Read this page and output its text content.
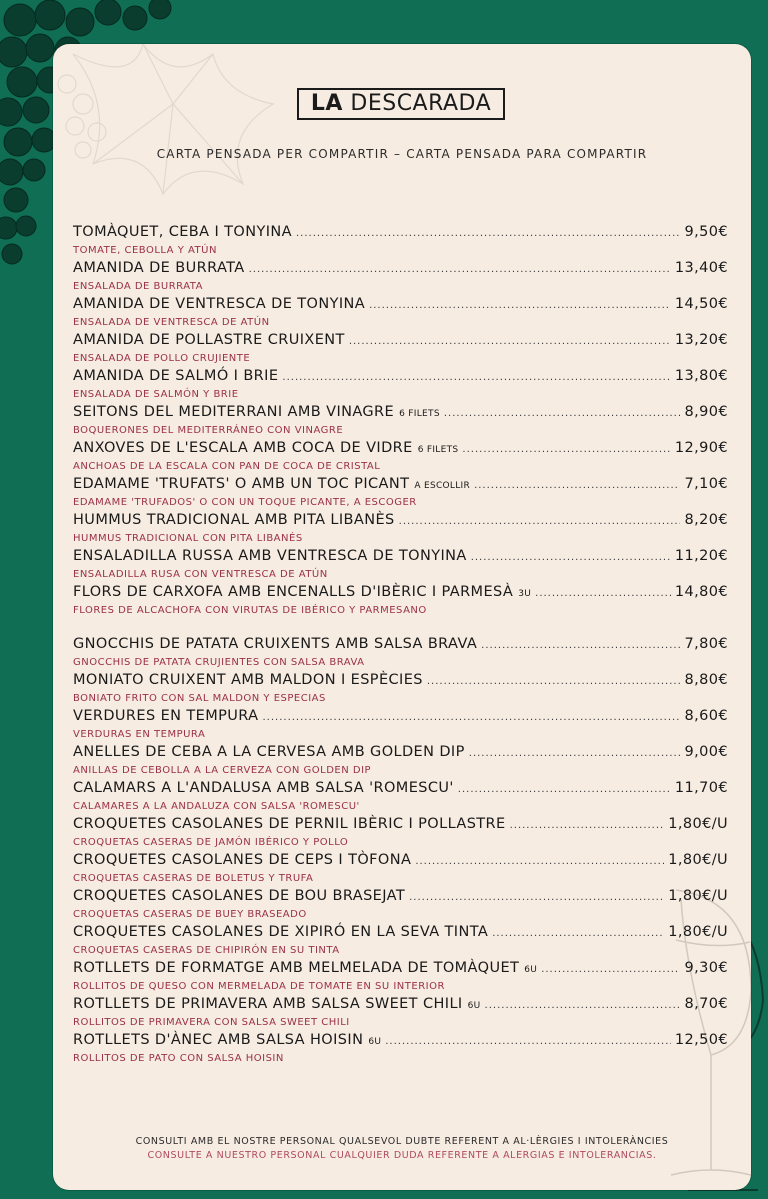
LA DESCARADA
CARTA PENSADA PER COMPARTIR – CARTA PENSADA PARA COMPARTIR
TOMÀQUET, CEBA I TONYINA .....	9,50€
TOMATE, CEBOLLA Y ATÚN
AMANIDA DE BURRATA .....	13,40€
ENSALADA DE BURRATA
AMANIDA DE VENTRESCA DE TONYINA .....	14,50€
ENSALADA DE VENTRESCA DE ATÚN
AMANIDA DE POLLASTRE CRUIXENT .....	13,20€
ENSALADA DE POLLO CRUJIENTE
AMANIDA DE SALMÓ I BRIE .....	13,80€
ENSALADA DE SALMÓN Y BRIE
SEITONS DEL MEDITERRANI AMB VINAGRE 6 FILETS .....	8,90€
BOQUERONES DEL MEDITERRÁNEO CON VINAGRE
ANXOVES DE L'ESCALA AMB COCA DE VIDRE 6 FILETS .....	12,90€
ANCHOAS DE LA ESCALA CON PAN DE COCA DE CRISTAL
EDAMAME 'TRUFATS' O AMB UN TOC PICANT A ESCOLLIR .....	7,10€
EDAMAME 'TRUFADOS' O CON UN TOQUE PICANTE, A ESCOGER
HUMMUS TRADICIONAL AMB PITA LIBANÈS .....	8,20€
HUMMUS TRADICIONAL CON PITA LIBANÉS
ENSALADILLA RUSSA AMB VENTRESCA DE TONYINA .....	11,20€
ENSALADILLA RUSA CON VENTRESCA DE ATÚN
FLORS DE CARXOFA AMB ENCENALLS D'IBÈRIC I PARMESÀ 3U .....	14,80€
FLORES DE ALCACHOFA CON VIRUTAS DE IBÉRICO Y PARMESANO
GNOCCHIS DE PATATA CRUIXENTS AMB SALSA BRAVA .....	7,80€
GNOCCHIS DE PATATA CRUJIENTES CON SALSA BRAVA
MONIATO CRUIXENT AMB MALDON I ESPÈCIES .....	8,80€
BONIATO FRITO CON SAL MALDON Y ESPECIAS
VERDURES EN TEMPURA .....	8,60€
VERDURAS EN TEMPURA
ANELLES DE CEBA A LA CERVESA AMB GOLDEN DIP .....	9,00€
ANILLAS DE CEBOLLA A LA CERVEZA CON GOLDEN DIP
CALAMARS A L'ANDALUSA AMB SALSA 'ROMESCU' .....	11,70€
CALAMARES A LA ANDALUZA CON SALSA 'ROMESCU'
CROQUETES CASOLANES DE PERNIL IBÈRIC I POLLASTRE .....	1,80€/U
CROQUETAS CASERAS DE JAMÓN IBÉRICO Y POLLO
CROQUETES CASOLANES DE CEPS I TÒFONA .....	1,80€/U
CROQUETAS CASERAS DE BOLETUS Y TRUFA
CROQUETES CASOLANES DE BOU BRASEJAT .....	1,80€/U
CROQUETAS CASERAS DE BUEY BRASEADO
CROQUETES CASOLANES DE XIPIRÓ EN LA SEVA TINTA .....	1,80€/U
CROQUETAS CASERAS DE CHIPIRÓN EN SU TINTA
ROTLLETS DE FORMATGE AMB MELMELADA DE TOMÀQUET 6U .....	9,30€
ROLLITOS DE QUESO CON MERMELADA DE TOMATE EN SU INTERIOR
ROTLLETS DE PRIMAVERA AMB SALSA SWEET CHILI 6U .....	8,70€
ROLLITOS DE PRIMAVERA CON SALSA SWEET CHILI
ROTLLETS D'ÀNEC AMB SALSA HOISIN 6U .....	12,50€
ROLLITOS DE PATO CON SALSA HOISIN
CONSULTI AMB EL NOSTRE PERSONAL QUALSEVOL DUBTE REFERENT A AL·LÈRGIES I INTOLERÀNCIES
CONSULTE A NUESTRO PERSONAL CUALQUIER DUDA REFERENTE A ALERGIAS E INTOLERANCIAS.
